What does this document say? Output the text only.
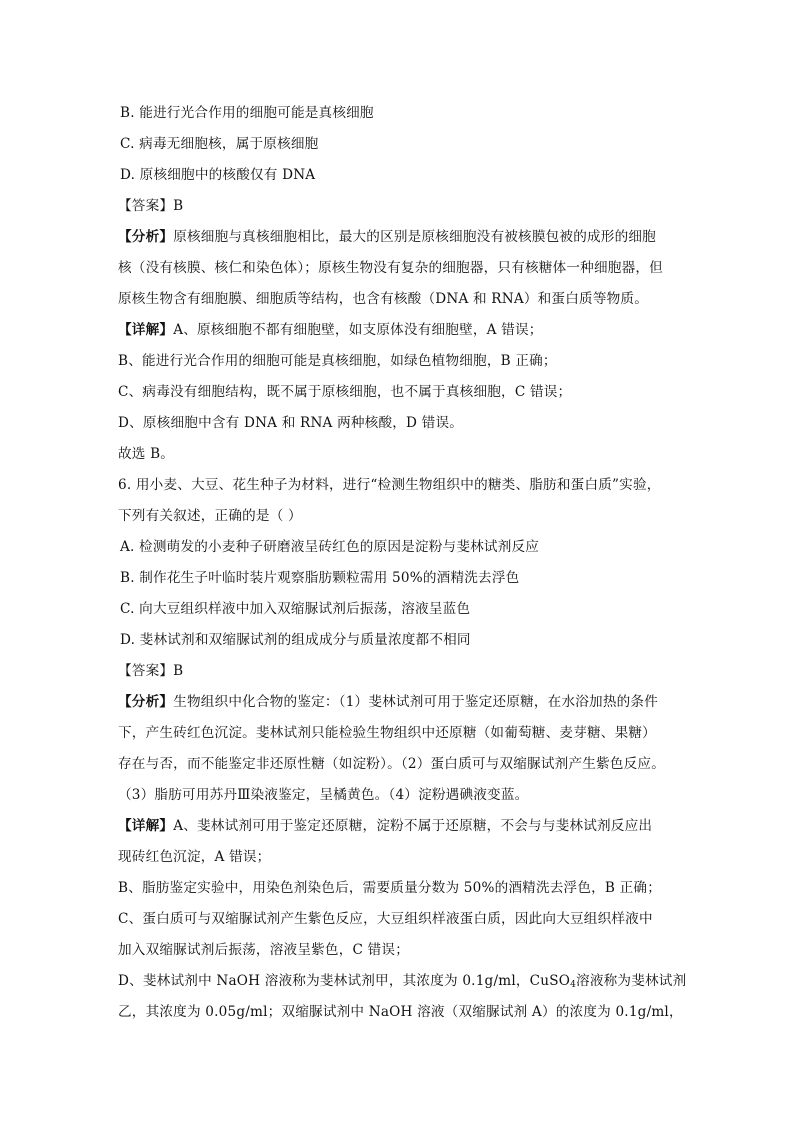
B. 能进行光合作用的细胞可能是真核细胞
C. 病毒无细胞核，属于原核细胞
D. 原核细胞中的核酸仅有 DNA
【答案】B
【分析】原核细胞与真核细胞相比，最大的区别是原核细胞没有被核膜包被的成形的细胞
核（没有核膜、核仁和染色体）；原核生物没有复杂的细胞器，只有核糖体一种细胞器，但
原核生物含有细胞膜、细胞质等结构，也含有核酸（DNA 和 RNA）和蛋白质等物质。
【详解】A、原核细胞不都有细胞壁，如支原体没有细胞壁，A 错误；
B、能进行光合作用的细胞可能是真核细胞，如绿色植物细胞，B 正确；
C、病毒没有细胞结构，既不属于原核细胞，也不属于真核细胞，C 错误；
D、原核细胞中含有 DNA 和 RNA 两种核酸，D 错误。
故选 B。
6. 用小麦、大豆、花生种子为材料，进行“检测生物组织中的糖类、脂肪和蛋白质”实验，
下列有关叙述，正确的是（ ）
A. 检测萌发的小麦种子研磨液呈砖红色的原因是淀粉与斐林试剂反应
B. 制作花生子叶临时装片观察脂肪颗粒需用 50%的酒精洗去浮色
C. 向大豆组织样液中加入双缩脲试剂后振荡，溶液呈蓝色
D. 斐林试剂和双缩脲试剂的组成成分与质量浓度都不相同
【答案】B
【分析】生物组织中化合物的鉴定：（1）斐林试剂可用于鉴定还原糖，在水浴加热的条件
下，产生砖红色沉淀。斐林试剂只能检验生物组织中还原糖（如葡萄糖、麦芽糖、果糖）
存在与否，而不能鉴定非还原性糖（如淀粉）。（2）蛋白质可与双缩脲试剂产生紫色反应。
（3）脂肪可用苏丹Ⅲ染液鉴定，呈橘黄色。（4）淀粉遇碘液变蓝。
【详解】A、斐林试剂可用于鉴定还原糖，淀粉不属于还原糖，不会与与斐林试剂反应出
现砖红色沉淀，A 错误；
B、脂肪鉴定实验中，用染色剂染色后，需要质量分数为 50%的酒精洗去浮色，B 正确；
C、蛋白质可与双缩脲试剂产生紫色反应，大豆组织样液蛋白质，因此向大豆组织样液中
加入双缩脲试剂后振荡，溶液呈紫色，C 错误；
D、斐林试剂中 NaOH 溶液称为斐林试剂甲，其浓度为 0.1g/ml，CuSO$_4$溶液称为斐林试剂
乙，其浓度为 0.05g/ml；双缩脲试剂中 NaOH 溶液（双缩脲试剂 A）的浓度为 0.1g/ml，
